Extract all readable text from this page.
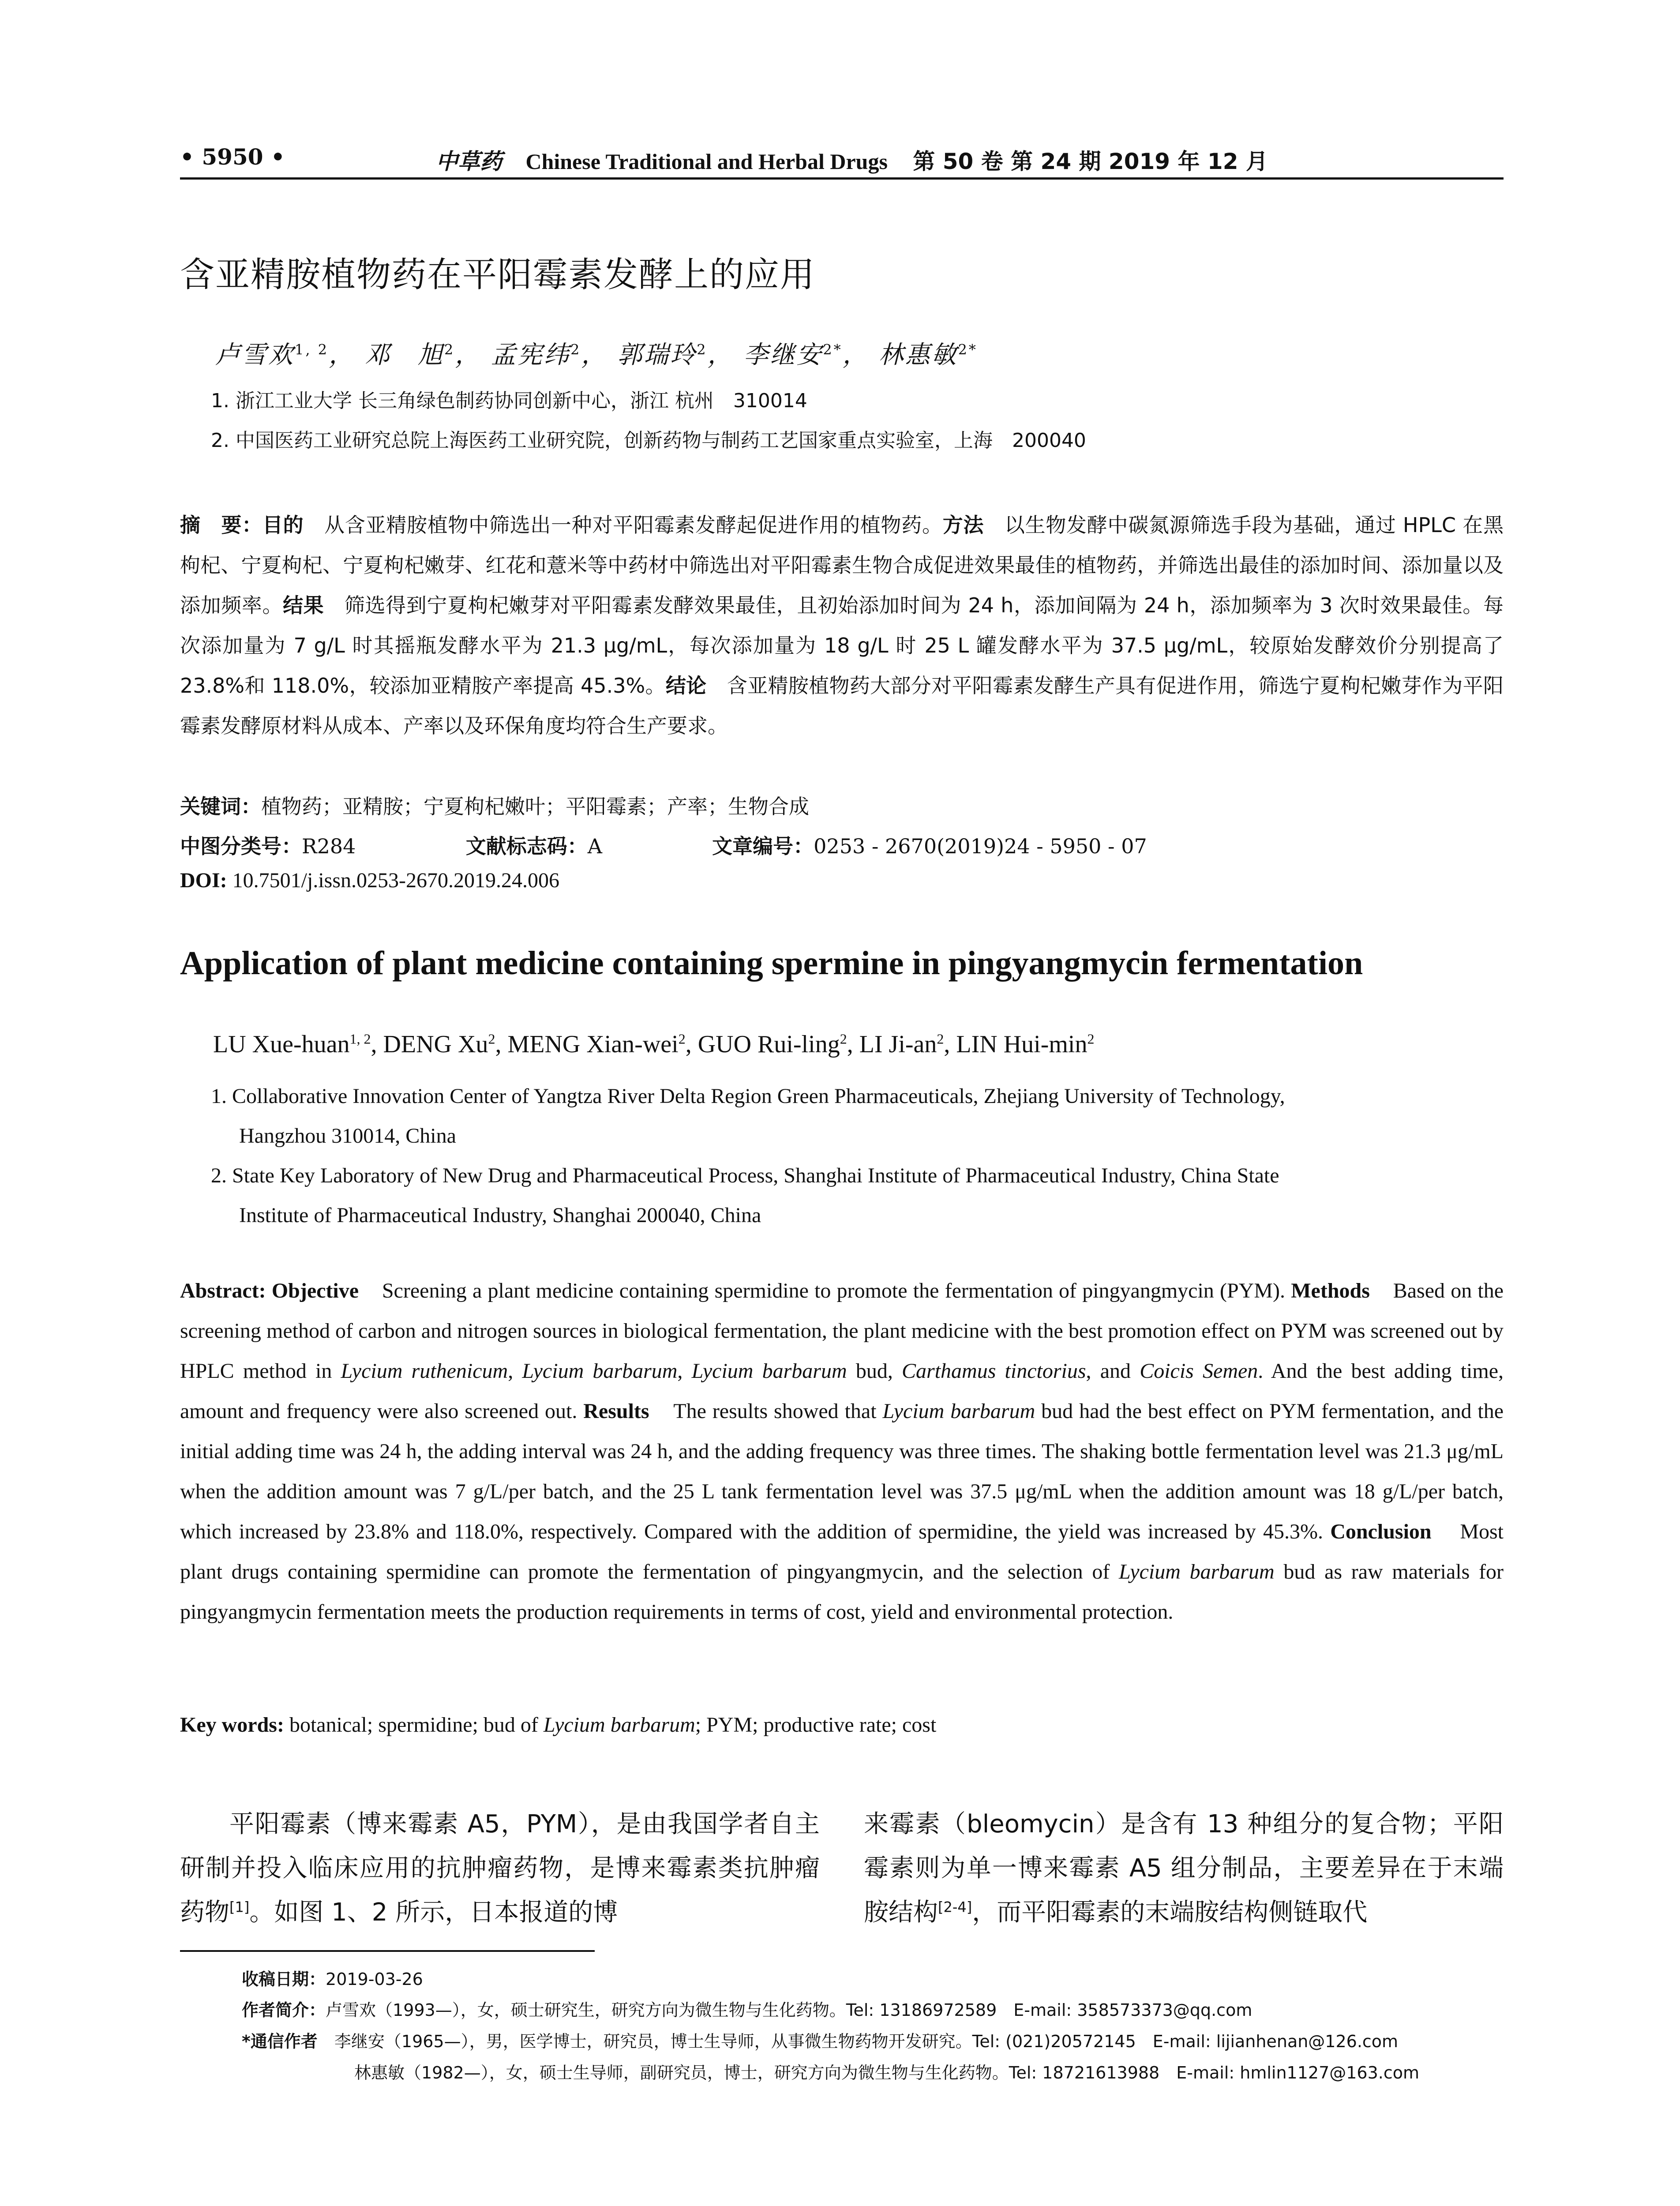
• 5950 •	中草药 Chinese Traditional and Herbal Drugs 第 50 卷 第 24 期 2019 年 12 月
含亚精胺植物药在平阳霉素发酵上的应用
卢雪欢$^{1, 2}$， 邓　旭$^2$， 孟宪纬$^2$， 郭瑞玲$^2$， 李继安$^{2*}$， 林惠敏$^{2*}$
1. 浙江工业大学 长三角绿色制药协同创新中心，浙江 杭州　310014
2. 中国医药工业研究总院上海医药工业研究院，创新药物与制药工艺国家重点实验室，上海　200040
摘　要：目的　 从含亚精胺植物中筛选出一种对平阳霉素发酵起促进作用的植物药。方法　 以生物发酵中碳氮源筛选手段为基础，通过 HPLC 在黑枸杞、宁夏枸杞、宁夏枸杞嫩芽、红花和薏米等中药材中筛选出对平阳霉素生物合成促进效果最佳的植物药，并筛选出最佳的添加时间、添加量以及添加频率。结果　 筛选得到宁夏枸杞嫩芽对平阳霉素发酵效果最佳，且初始添加时间为 24 h，添加间隔为 24 h，添加频率为 3 次时效果最佳。每次添加量为 7 g/L 时其摇瓶发酵水平为 21.3 μg/mL，每次添加量为 18 g/L 时 25 L 罐发酵水平为 37.5 μg/mL，较原始发酵效价分别提高了 23.8%和 118.0%，较添加亚精胺产率提高 45.3%。结论　 含亚精胺植物药大部分对平阳霉素发酵生产具有促进作用，筛选宁夏枸杞嫩芽作为平阳霉素发酵原材料从成本、产率以及环保角度均符合生产要求。
关键词：植物药；亚精胺；宁夏枸杞嫩叶；平阳霉素；产率；生物合成
中图分类号：R284	文献标志码：A	文章编号：0253 - 2670(2019)24 - 5950 - 07
DOI: 10.7501/j.issn.0253-2670.2019.24.006
Application of plant medicine containing spermine in pingyangmycin fermentation
LU Xue-huan$^{1, 2}$, DENG Xu$^2$, MENG Xian-wei$^2$, GUO Rui-ling$^2$, LI $Ji-an^2$, LIN Hui-$\min^2$
1. Collaborative Innovation Center of Yangtza River Delta Region Green Pharmaceuticals, Zhejiang University of Technology,
Hangzhou 310014, China
2. State Key Laboratory of New Drug and Pharmaceutical Process, Shanghai Institute of Pharmaceutical Industry, China State
Institute of Pharmaceutical Industry, Shanghai 200040, China
Abstract: Objective Screening a plant medicine containing spermidine to promote the fermentation of pingyangmycin (PYM). Methods Based on the screening method of carbon and nitrogen sources in biological fermentation, the plant medicine with the best promotion effect on PYM was screened out by HPLC method in Lycium ruthenicum, Lycium barbarum, Lycium barbarum bud, Carthamus tinctorius, and Coicis Semen. And the best adding time, amount and frequency were also screened out. Results The results showed that Lycium barbarum bud had the best effect on PYM fermentation, and the initial adding time was 24 h, the adding interval was 24 h, and the adding frequency was three times. The shaking bottle fermentation level was 21.3 μg/mL when the addition amount was 7 g/L/per batch, and the 25 L tank fermentation level was 37.5 μg/mL when the addition amount was 18 g/L/per batch, which increased by 23.8% and 118.0%, respectively. Compared with the addition of spermidine, the yield was increased by 45.3%. Conclusion Most plant drugs containing spermidine can promote the fermentation of pingyangmycin, and the selection of Lycium barbarum bud as raw materials for pingyangmycin fermentation meets the production requirements in terms of cost, yield and environmental protection.
Key words: botanical; spermidine; bud of Lycium barbarum; PYM; productive rate; cost
平阳霉素（博来霉素 A5，PYM），是由我国学者自主研制并投入临床应用的抗肿瘤药物，是博来霉素类抗肿瘤药物[1]。如图 1、2 所示，日本报道的博
来霉素（bleomycin）是含有 13 种组分的复合物；平阳霉素则为单一博来霉素 A5 组分制品，主要差异在于末端胺结构[2-4]，而平阳霉素的末端胺结构侧链取代
收稿日期：2019-03-26
作者简介：卢雪欢（1993—），女，硕士研究生，研究方向为微生物与生化药物。Tel: 13186972589　E-mail: 358573373@qq.com
*通信作者　 李继安（1965—），男，医学博士，研究员，博士生导师，从事微生物药物开发研究。Tel: (021)20572145　E-mail: lijianhenan@126.com
林惠敏（1982—），女，硕士生导师，副研究员，博士，研究方向为微生物与生化药物。Tel: 18721613988　E-mail: hmlin1127@163.com
